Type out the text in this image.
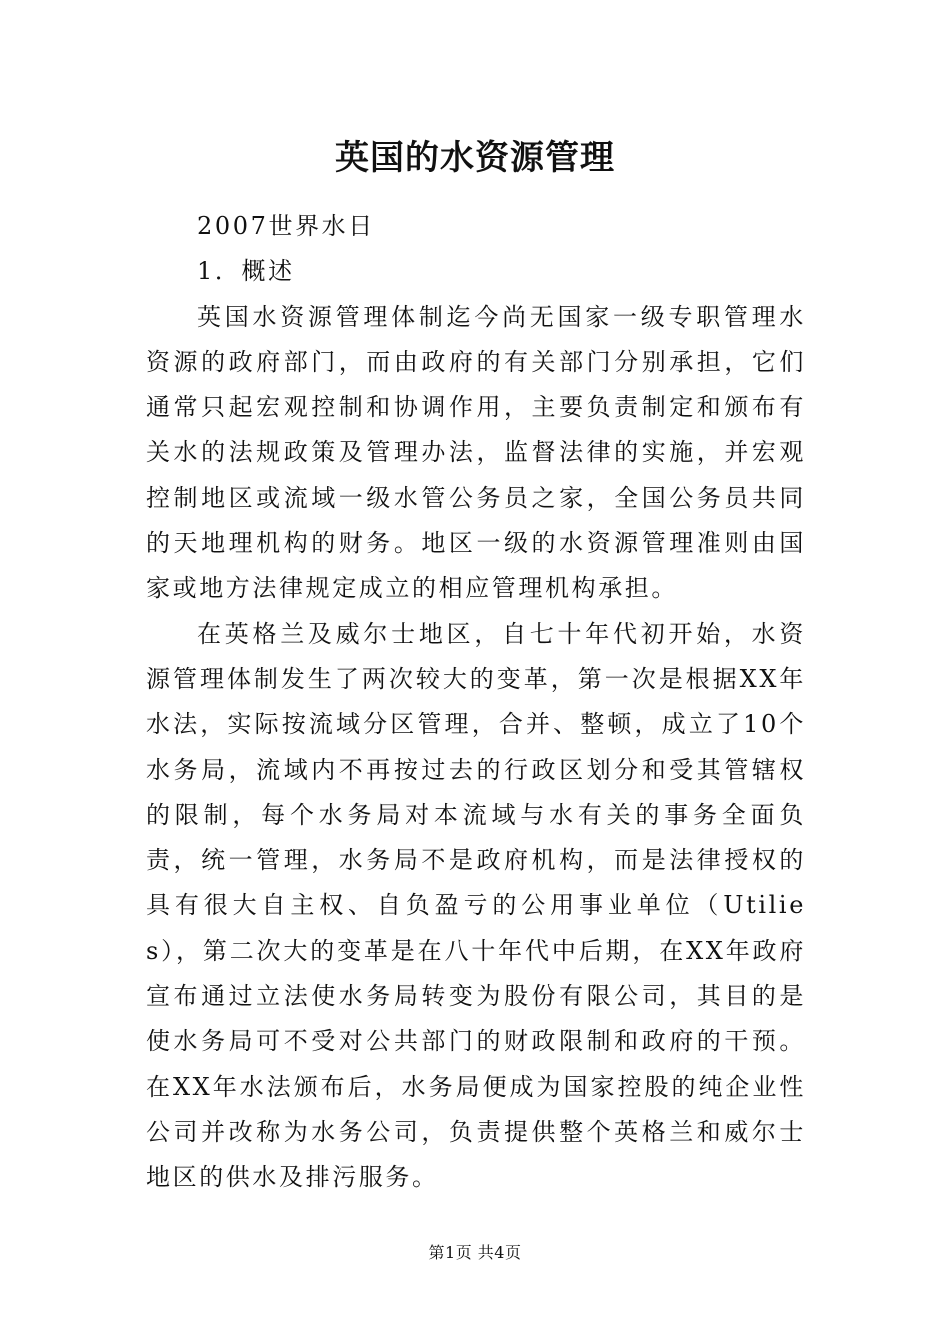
英国的水资源管理

2007世界水日

1．概述

英国水资源管理体制迄今尚无国家一级专职管理水资源的政府部门，而由政府的有关部门分别承担，它们通常只起宏观控制和协调作用，主要负责制定和颁布有关水的法规政策及管理办法，监督法律的实施，并宏观控制地区或流域一级水管公务员之家，全国公务员共同的天地理机构的财务。地区一级的水资源管理准则由国家或地方法律规定成立的相应管理机构承担。

在英格兰及威尔士地区，自七十年代初开始，水资源管理体制发生了两次较大的变革，第一次是根据XX年水法，实际按流域分区管理，合并、整顿，成立了10个水务局，流域内不再按过去的行政区划分和受其管辖权的限制，每个水务局对本流域与水有关的事务全面负责，统一管理，水务局不是政府机构，而是法律授权的具有很大自主权、自负盈亏的公用事业单位（Utilies），第二次大的变革是在八十年代中后期，在XX年政府宣布通过立法使水务局转变为股份有限公司，其目的是使水务局可不受对公共部门的财政限制和政府的干预。在XX年水法颁布后，水务局便成为国家控股的纯企业性公司并改称为水务公司，负责提供整个英格兰和威尔士地区的供水及排污服务。

第1页 共4页
